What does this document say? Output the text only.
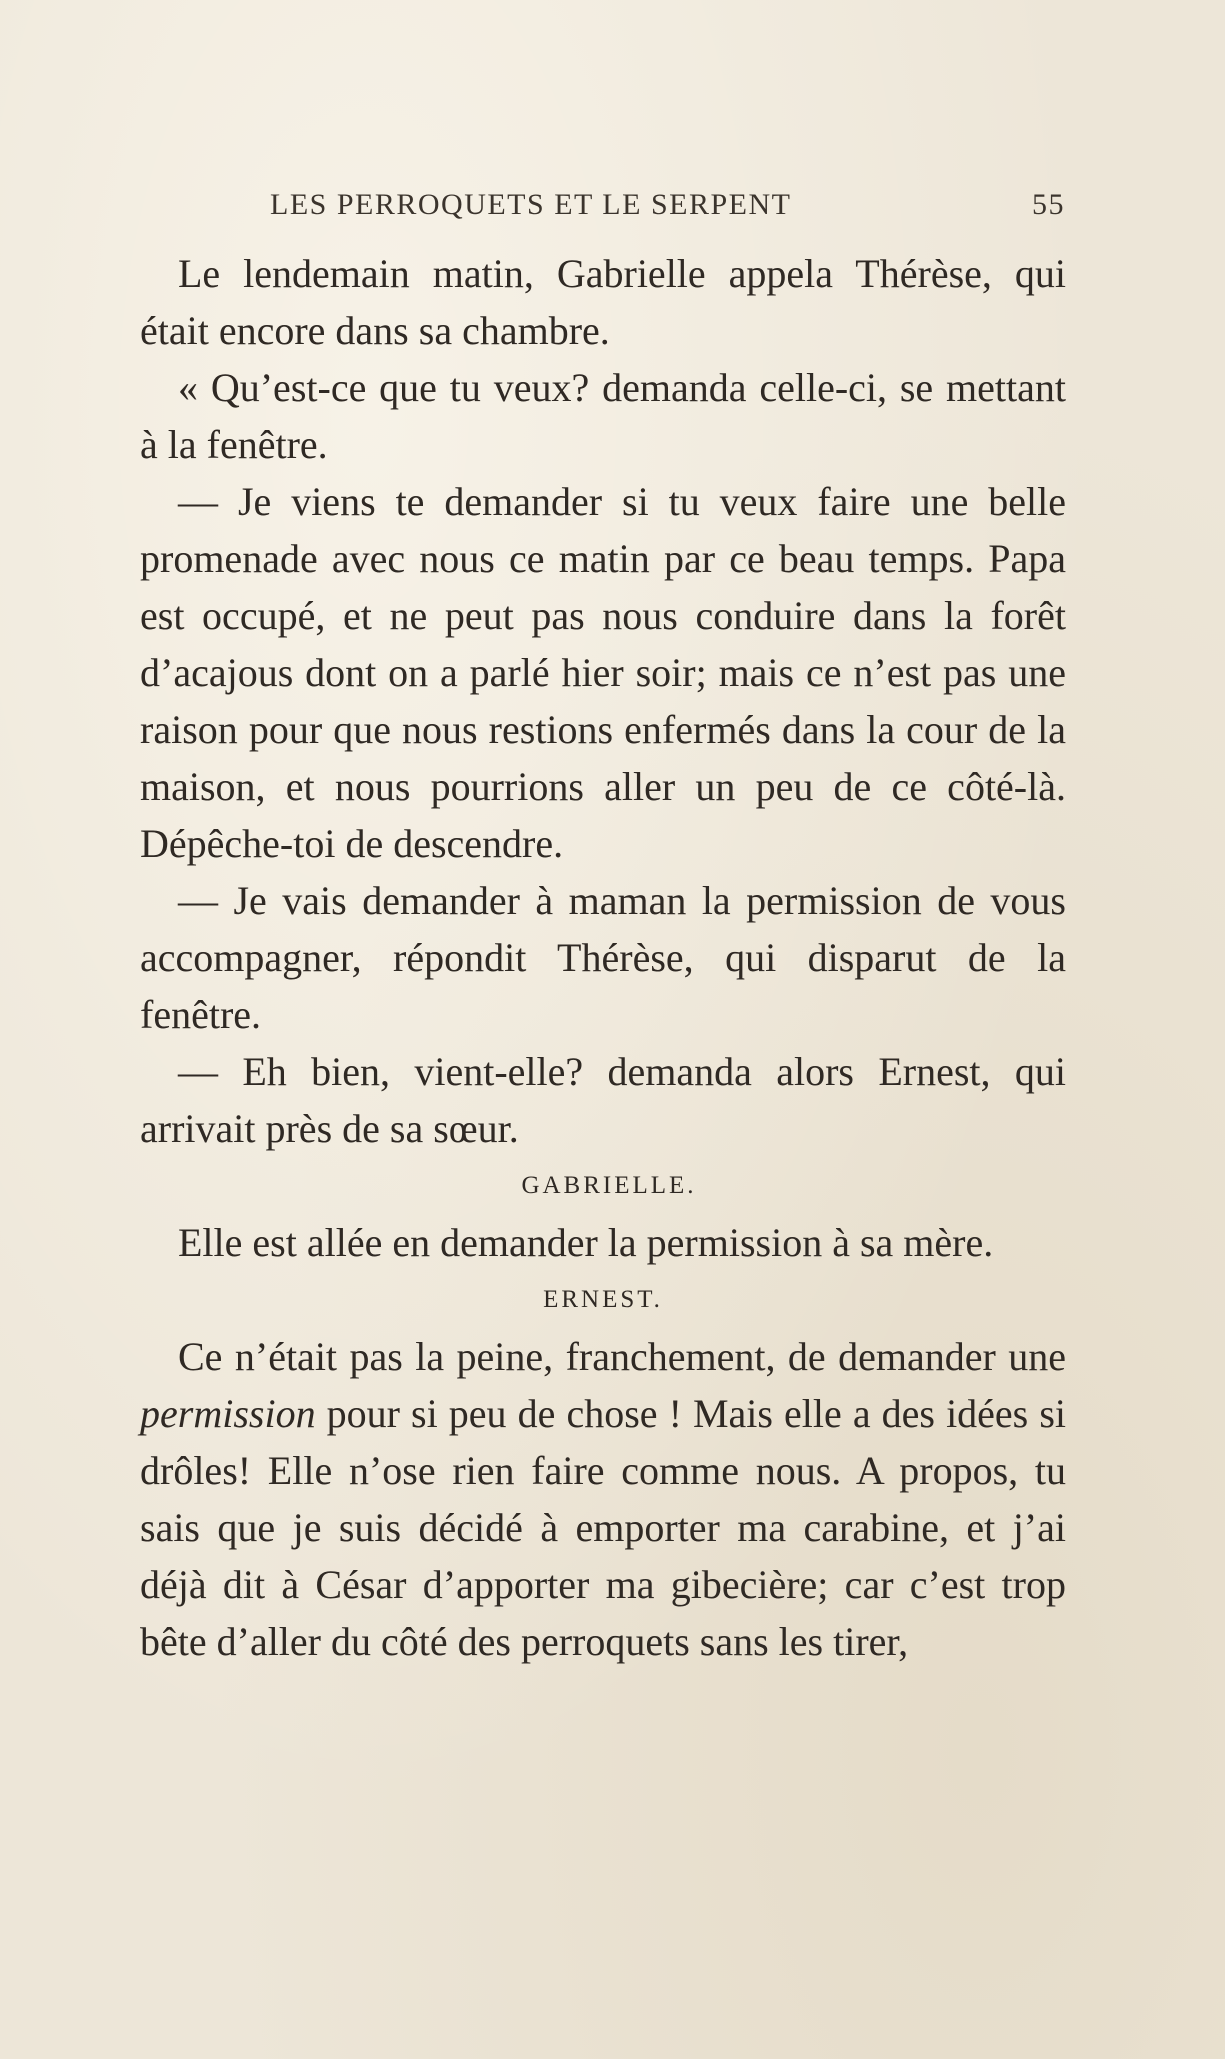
LES PERROQUETS ET LE SERPENT	55

Le lendemain matin, Gabrielle appela Thérèse, qui était encore dans sa chambre.

« Qu’est-ce que tu veux? demanda celle-ci, se mettant à la fenêtre.

— Je viens te demander si tu veux faire une belle promenade avec nous ce matin par ce beau temps. Papa est occupé, et ne peut pas nous conduire dans la forêt d’acajous dont on a parlé hier soir; mais ce n’est pas une raison pour que nous restions enfermés dans la cour de la maison, et nous pourrions aller un peu de ce côté-là. Dépêche-toi de descendre.

— Je vais demander à maman la permission de vous accompagner, répondit Thérèse, qui disparut de la fenêtre.

— Eh bien, vient-elle? demanda alors Ernest, qui arrivait près de sa sœur.

GABRIELLE.

Elle est allée en demander la permission à sa mère.

ERNEST.

Ce n’était pas la peine, franchement, de demander une permission pour si peu de chose ! Mais elle a des idées si drôles! Elle n’ose rien faire comme nous. A propos, tu sais que je suis décidé à emporter ma carabine, et j’ai déjà dit à César d’apporter ma gibecière; car c’est trop bête d’aller du côté des perroquets sans les tirer,
